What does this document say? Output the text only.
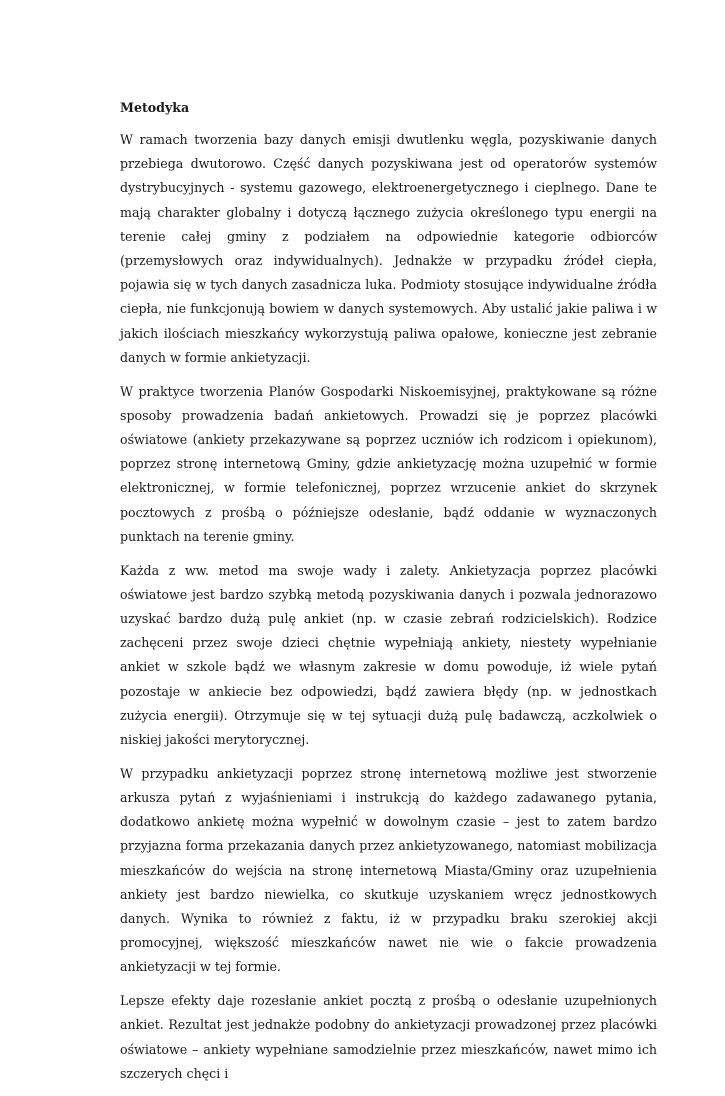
Metodyka

W ramach tworzenia bazy danych emisji dwutlenku węgla, pozyskiwanie danych przebiega dwutorowo. Część danych pozyskiwana jest od operatorów systemów dystrybucyjnych - systemu gazowego, elektroenergetycznego i cieplnego. Dane te mają charakter globalny i dotyczą łącznego zużycia określonego typu energii na terenie całej gminy z podziałem na odpowiednie kategorie odbiorców (przemysłowych oraz indywidualnych). Jednakże w przypadku źródeł ciepła, pojawia się w tych danych zasadnicza luka. Podmioty stosujące indywidualne źródła ciepła, nie funkcjonują bowiem w danych systemowych. Aby ustalić jakie paliwa i w jakich ilościach mieszkańcy wykorzystują paliwa opałowe, konieczne jest zebranie danych w formie ankietyzacji.

W praktyce tworzenia Planów Gospodarki Niskoemisyjnej, praktykowane są różne sposoby prowadzenia badań ankietowych. Prowadzi się je poprzez placówki oświatowe (ankiety przekazywane są poprzez uczniów ich rodzicom i opiekunom), poprzez stronę internetową Gminy, gdzie ankietyzację można uzupełnić w formie elektronicznej, w formie telefonicznej, poprzez wrzucenie ankiet do skrzynek pocztowych z prośbą o późniejsze odesłanie, bądź oddanie w wyznaczonych punktach na terenie gminy.

Każda z ww. metod ma swoje wady i zalety. Ankietyzacja poprzez placówki oświatowe jest bardzo szybką metodą pozyskiwania danych i pozwala jednorazowo uzyskać bardzo dużą pulę ankiet (np. w czasie zebrań rodzicielskich). Rodzice zachęceni przez swoje dzieci chętnie wypełniają ankiety, niestety wypełnianie ankiet w szkole bądź we własnym zakresie w domu powoduje, iż wiele pytań pozostaje w ankiecie bez odpowiedzi, bądź zawiera błędy (np. w jednostkach zużycia energii). Otrzymuje się w tej sytuacji dużą pulę badawczą, aczkolwiek o niskiej jakości merytorycznej.

W przypadku ankietyzacji poprzez stronę internetową możliwe jest stworzenie arkusza pytań z wyjaśnieniami i instrukcją do każdego zadawanego pytania, dodatkowo ankietę można wypełnić w dowolnym czasie – jest to zatem bardzo przyjazna forma przekazania danych przez ankietyzowanego, natomiast mobilizacja mieszkańców do wejścia na stronę internetową Miasta/Gminy oraz uzupełnienia ankiety jest bardzo niewielka, co skutkuje uzyskaniem wręcz jednostkowych danych. Wynika to również z faktu, iż w przypadku braku szerokiej akcji promocyjnej, większość mieszkańców nawet nie wie o fakcie prowadzenia ankietyzacji w tej formie.

Lepsze efekty daje rozesłanie ankiet pocztą z prośbą o odesłanie uzupełnionych ankiet. Rezultat jest jednakże podobny do ankietyzacji prowadzonej przez placówki oświatowe – ankiety wypełniane samodzielnie przez mieszkańców, nawet mimo ich szczerych chęci i
